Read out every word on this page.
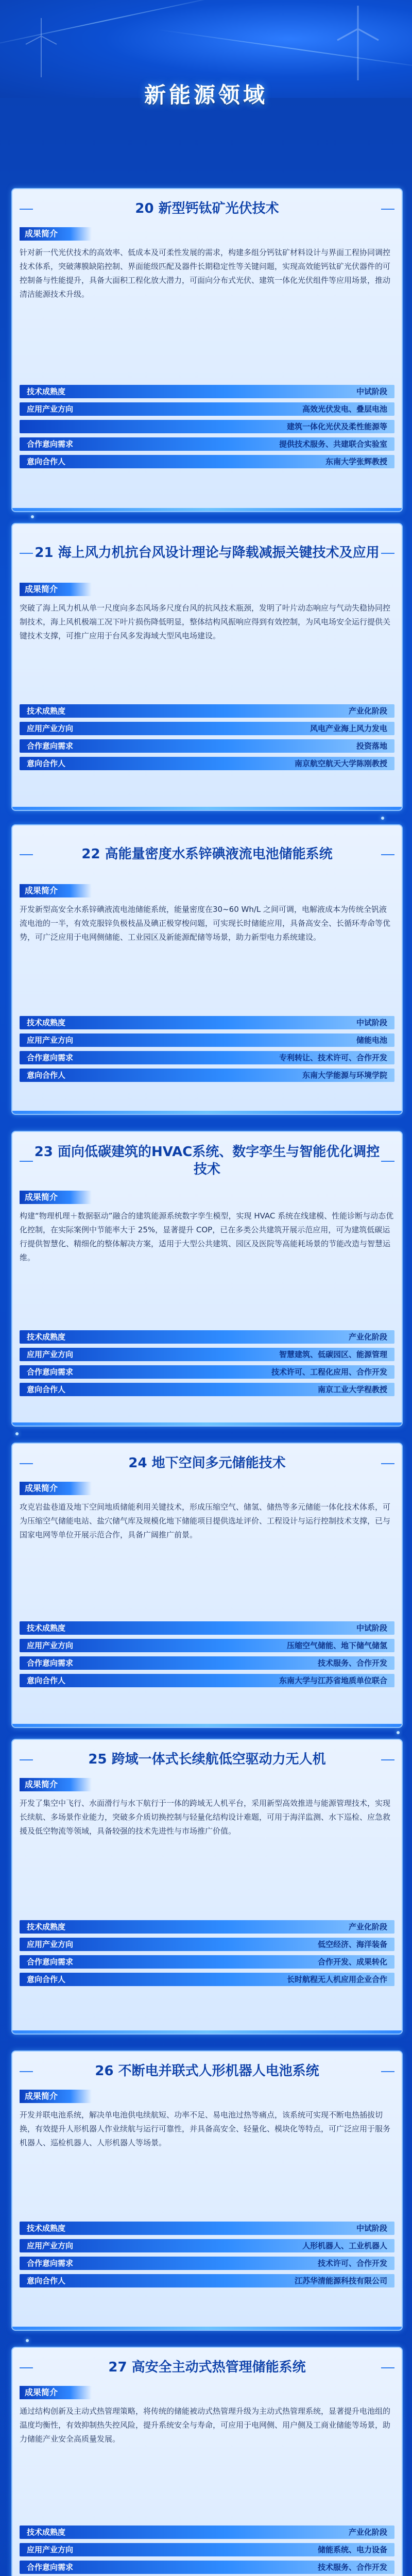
新能源领域
20 新型钙钛矿光伏技术
成果简介
针对新一代光伏技术的高效率、低成本及可柔性发展的需求，构建多组分钙钛矿材料设计与界面工程协同调控技术体系，突破薄膜缺陷控制、界面能级匹配及器件长期稳定性等关键问题，实现高效能钙钛矿光伏器件的可控制备与性能提升，具备大面积工程化放大潜力，可面向分布式光伏、建筑一体化光伏组件等应用场景，推动清洁能源技术升级。
技术成熟度	中试阶段
应用产业方向	高效光伏发电、叠层电池
建筑一体化光伏及柔性能源等
合作意向需求	提供技术服务、共建联合实验室
意向合作人	东南大学张辉教授
21 海上风力机抗台风设计理论与降载减振关键技术及应用
成果简介
突破了海上风力机从单一尺度向多态风场多尺度台风的抗风技术瓶颈，发明了叶片动态响应与气动失稳协同控制技术，海上风机极端工况下叶片损伤降低明显，整体结构风振响应得到有效控制，为风电场安全运行提供关键技术支撑，可推广应用于台风多发海域大型风电场建设。
技术成熟度	产业化阶段
应用产业方向	风电产业海上风力发电
合作意向需求	投资落地
意向合作人	南京航空航天大学陈刚教授
22 高能量密度水系锌碘液流电池储能系统
成果简介
开发新型高安全水系锌碘液流电池储能系统，能量密度在30~60 Wh/L 之间可调，电解液成本为传统全钒液流电池的一半，有效克服锌负极枝晶及碘正极穿梭问题，可实现长时储能应用，具备高安全、长循环寿命等优势，可广泛应用于电网侧储能、工业园区及新能源配储等场景，助力新型电力系统建设。
技术成熟度	中试阶段
应用产业方向	储能电池
合作意向需求	专利转让、技术许可、合作开发
意向合作人	东南大学能源与环境学院
23 面向低碳建筑的HVAC系统、数字孪生与智能优化调控技术
成果简介
构建“物理机理＋数据驱动”融合的建筑能源系统数字孪生模型，实现 HVAC 系统在线建模、性能诊断与动态优化控制，在实际案例中节能率大于 25%，显著提升 COP，已在多类公共建筑开展示范应用，可为建筑低碳运行提供智慧化、精细化的整体解决方案，适用于大型公共建筑、园区及医院等高能耗场景的节能改造与智慧运维。
技术成熟度	产业化阶段
应用产业方向	智慧建筑、低碳园区、能源管理
合作意向需求	技术许可、工程化应用、合作开发
意向合作人	南京工业大学程教授
24 地下空间多元储能技术
成果简介
攻克岩盐巷道及地下空间地质储能利用关键技术，形成压缩空气、储氢、储热等多元储能一体化技术体系，可为压缩空气储能电站、盐穴储气库及规模化地下储能项目提供选址评价、工程设计与运行控制技术支撑，已与国家电网等单位开展示范合作，具备广阔推广前景。
技术成熟度	中试阶段
应用产业方向	压缩空气储能、地下储气储氢
合作意向需求	技术服务、合作开发
意向合作人	东南大学与江苏省地质单位联合
25 跨域一体式长续航低空驱动力无人机
成果简介
开发了集空中飞行、水面滑行与水下航行于一体的跨域无人机平台，采用新型高效推进与能源管理技术，实现长续航、多场景作业能力，突破多介质切换控制与轻量化结构设计难题，可用于海洋监测、水下巡检、应急救援及低空物流等领域，具备较强的技术先进性与市场推广价值。
技术成熟度	产业化阶段
应用产业方向	低空经济、海洋装备
合作意向需求	合作开发、成果转化
意向合作人	长时航程无人机应用企业合作
26 不断电并联式人形机器人电池系统
成果简介
开发并联电池系统，解决单电池供电续航短、功率不足、易电池过热等痛点，该系统可实现不断电热插拔切换，有效提升人形机器人作业续航与运行可靠性，并具备高安全、轻量化、模块化等特点，可广泛应用于服务机器人、巡检机器人、人形机器人等场景。
技术成熟度	中试阶段
应用产业方向	人形机器人、工业机器人
合作意向需求	技术许可、合作开发
意向合作人	江苏华清能源科技有限公司
27 高安全主动式热管理储能系统
成果简介
通过结构创新及主动式热管理策略，将传统的储能被动式热管理升级为主动式热管理系统，显著提升电池组的温度均衡性，有效抑制热失控风险，提升系统安全与寿命，可应用于电网侧、用户侧及工商业储能等场景，助力储能产业安全高质量发展。
技术成熟度	产业化阶段
应用产业方向	储能系统、电力设备
合作意向需求	技术服务、合作开发
